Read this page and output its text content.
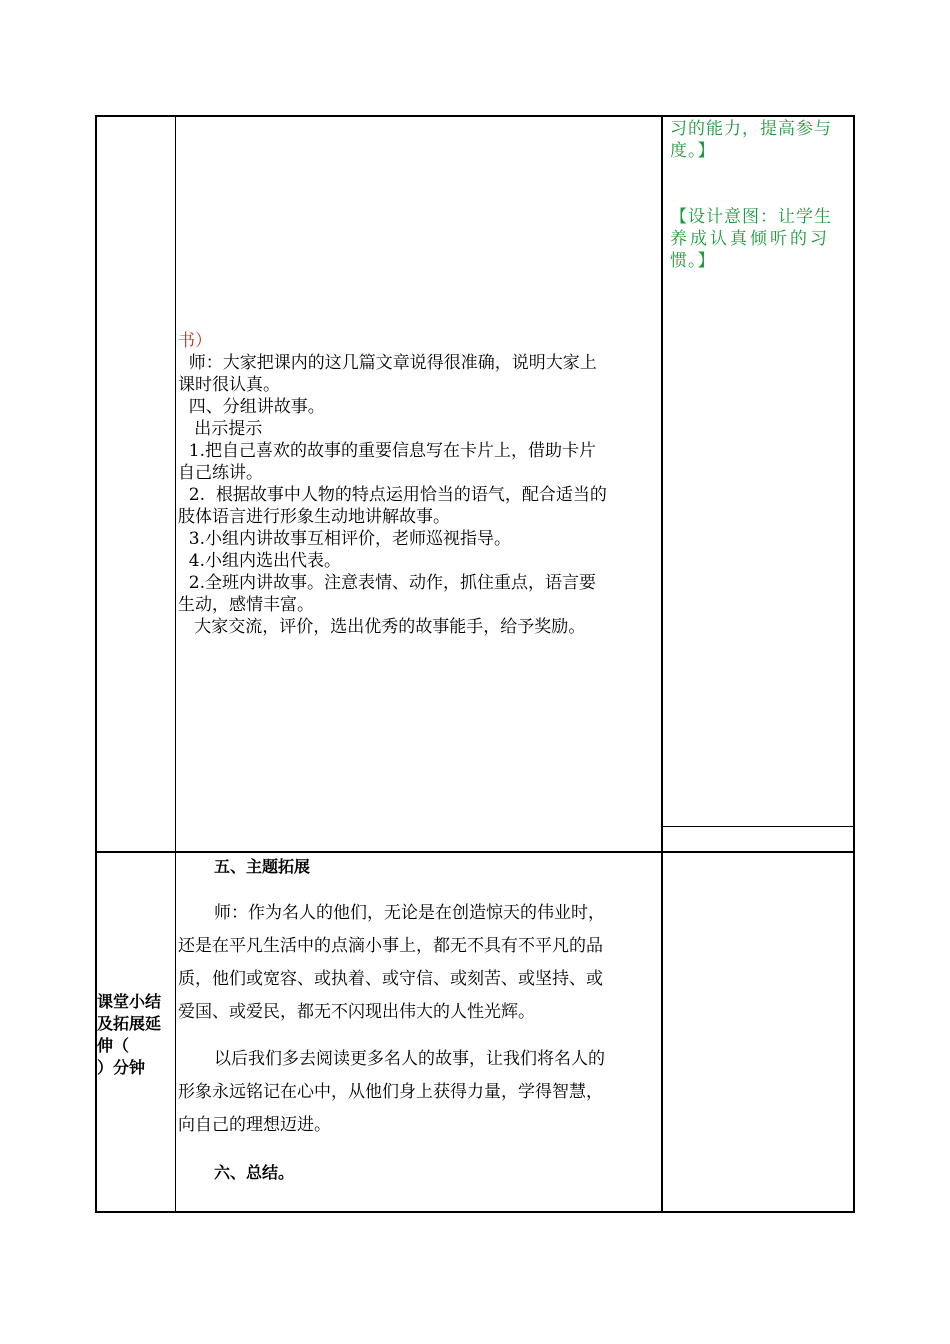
习的能力，提高参与

度。】

【设计意图：让学生

养成认真倾听的习

惯。】

书）

师：大家把课内的这几篇文章说得很准确，说明大家上

课时很认真。

四、分组讲故事。

出示提示

1.把自己喜欢的故事的重要信息写在卡片上，借助卡片

自己练讲。

2.  根据故事中人物的特点运用恰当的语气，配合适当的

肢体语言进行形象生动地讲解故事。

3.小组内讲故事互相评价，老师巡视指导。

4.小组内选出代表。

2.全班内讲故事。注意表情、动作，抓住重点，语言要

生动，感情丰富。

大家交流，评价，选出优秀的故事能手，给予奖励。

课堂小结
及拓展延
伸（
）分钟

五、主题拓展

师：作为名人的他们，无论是在创造惊天的伟业时，

还是在平凡生活中的点滴小事上，都无不具有不平凡的品

质，他们或宽容、或执着、或守信、或刻苦、或坚持、或

爱国、或爱民，都无不闪现出伟大的人性光辉。

以后我们多去阅读更多名人的故事，让我们将名人的

形象永远铭记在心中，从他们身上获得力量，学得智慧，

向自己的理想迈进。

六、总结。
